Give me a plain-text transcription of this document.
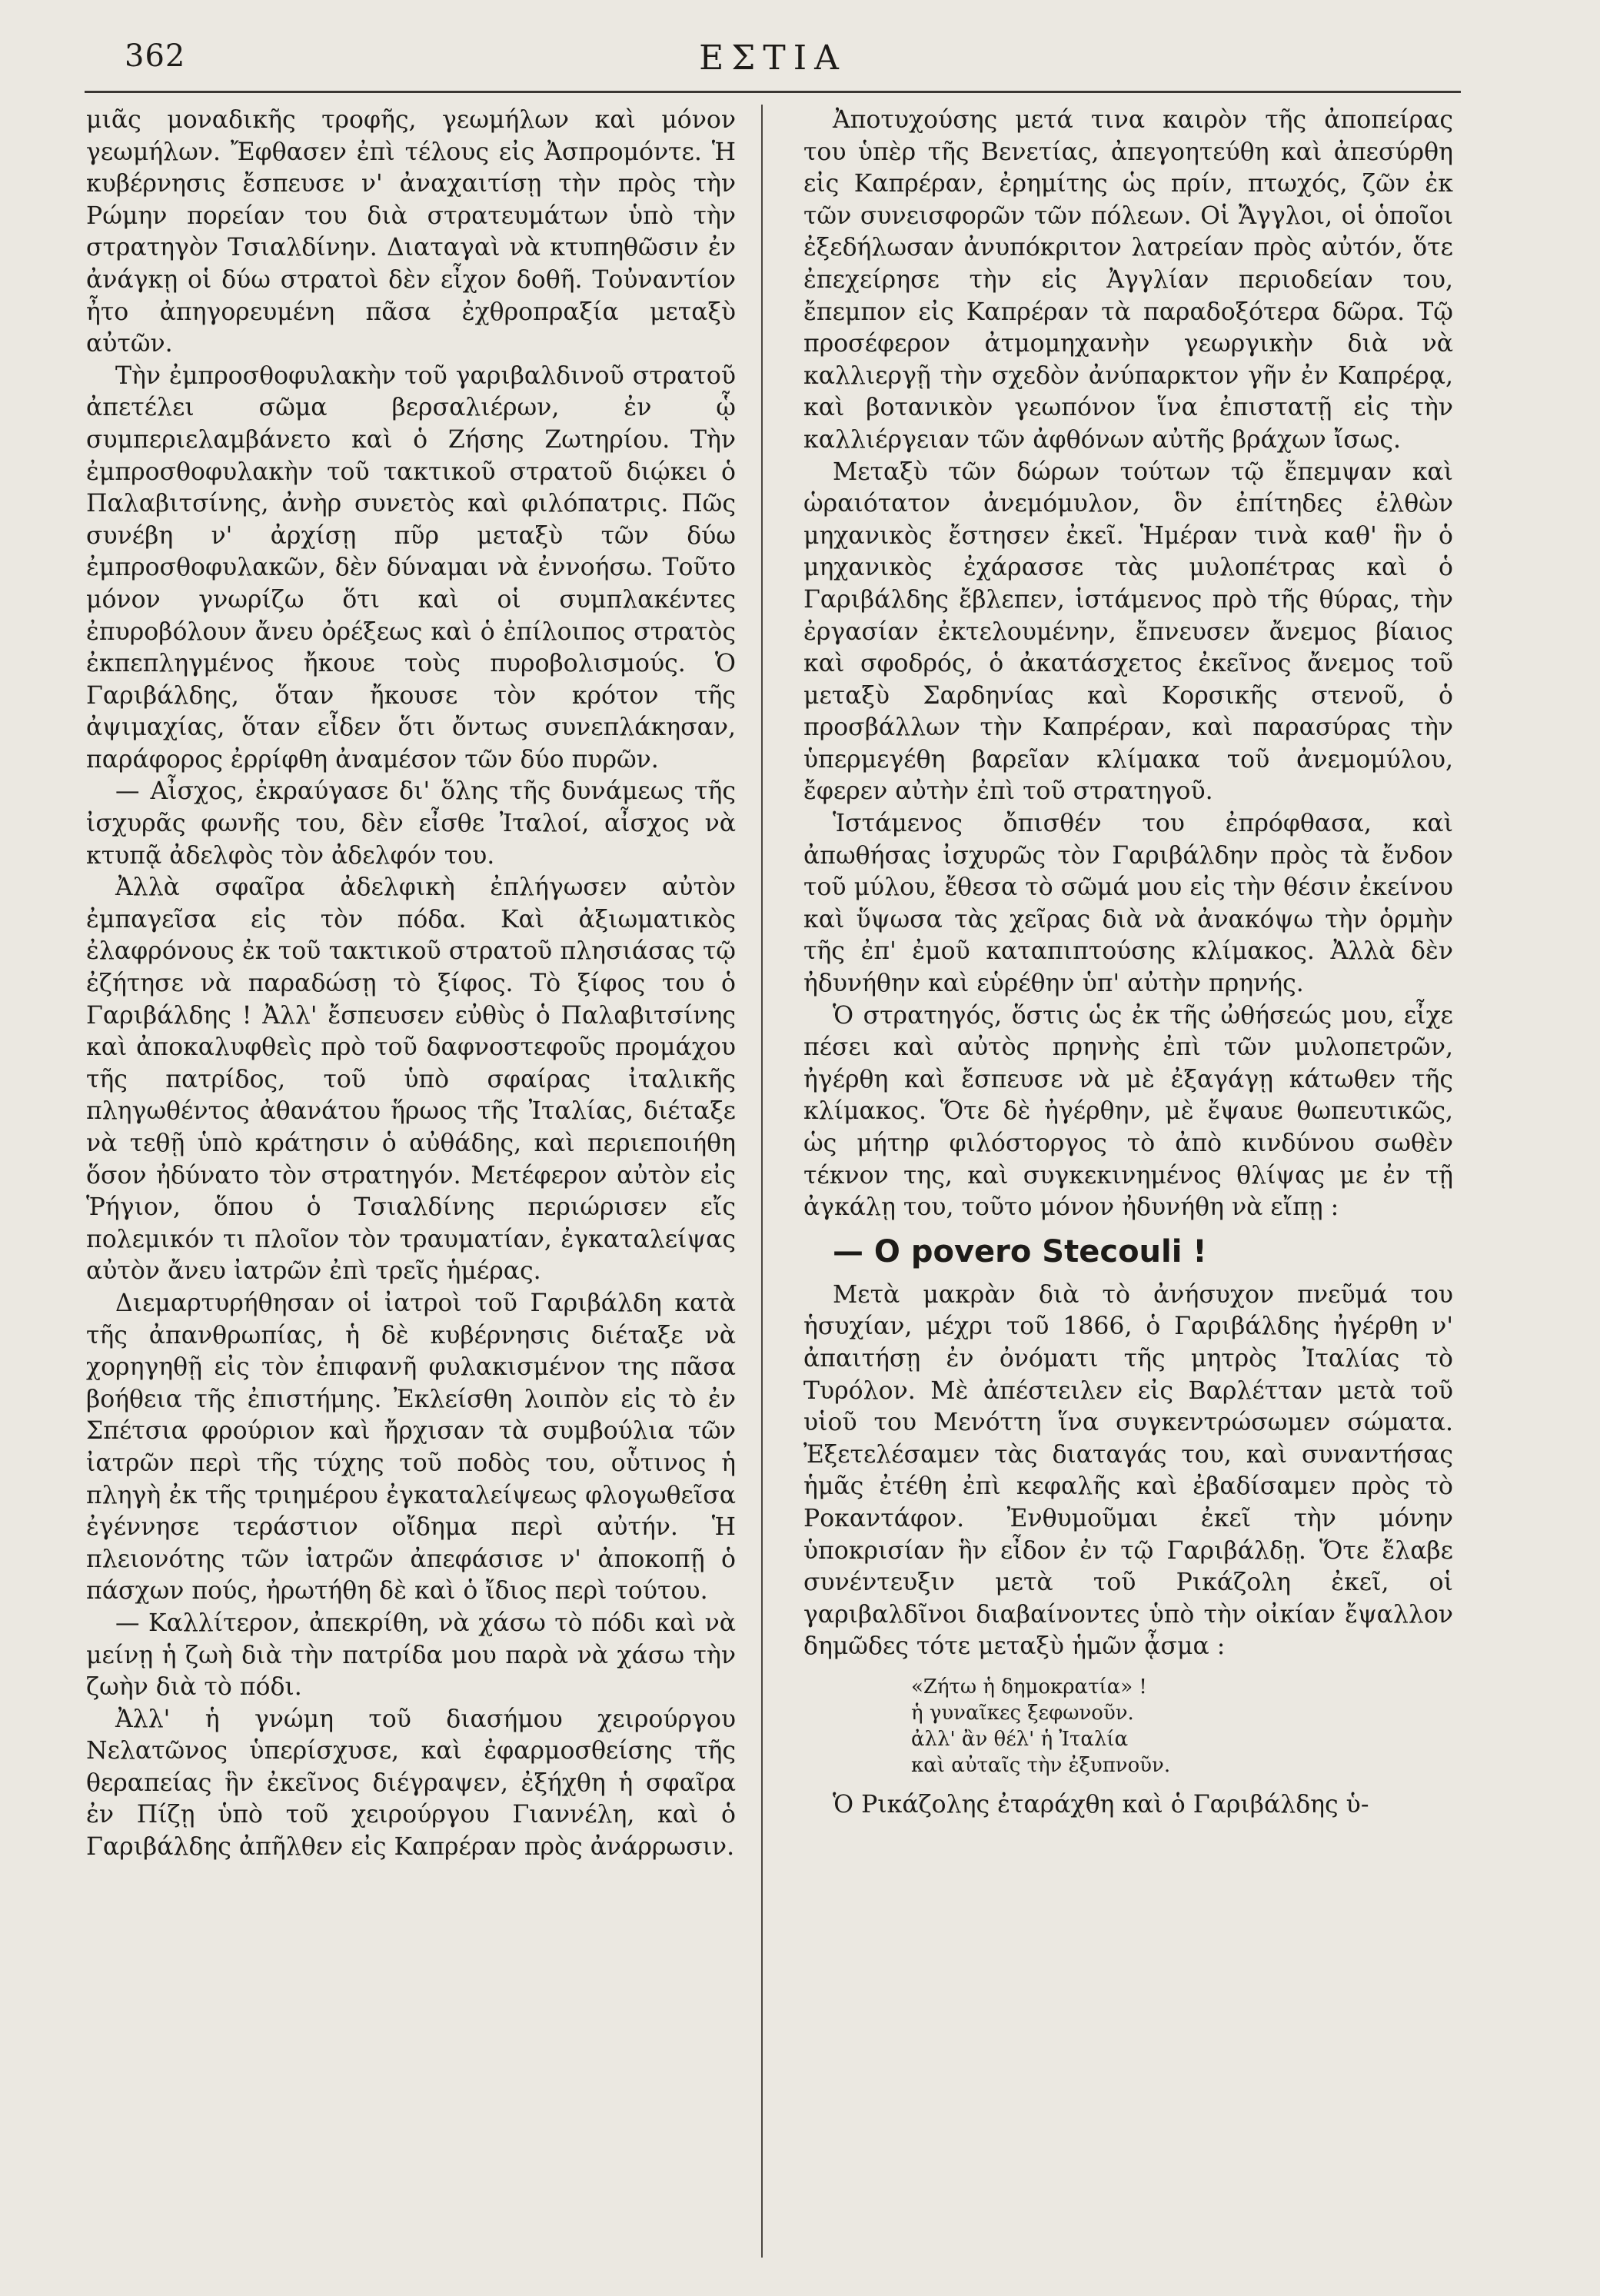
362	ΕΣΤΙΑ

μιᾶς μοναδικῆς τροφῆς, γεωμήλων καὶ μόνον γεωμήλων. Ἔφθασεν ἐπὶ τέλους εἰς Ἀσπρομόντε. Ἡ κυβέρνησις ἔσπευσε ν' ἀναχαιτίσῃ τὴν πρὸς τὴν Ρώμην πορείαν του διὰ στρατευμάτων ὑπὸ τὴν στρατηγὸν Τσιαλδίνην. Διαταγαὶ νὰ κτυπηθῶσιν ἐν ἀνάγκῃ οἱ δύω στρατοὶ δὲν εἶχον δοθῆ. Τοὐναντίον ἦτο ἀπηγορευμένη πᾶσα ἐχθροπραξία μεταξὺ αὐτῶν.

Τὴν ἐμπροσθοφυλακὴν τοῦ γαριβαλδινοῦ στρατοῦ ἀπετέλει σῶμα βερσαλιέρων, ἐν ᾧ συμπεριελαμβάνετο καὶ ὁ Ζήσης Ζωτηρίου. Τὴν ἐμπροσθοφυλακὴν τοῦ τακτικοῦ στρατοῦ διῴκει ὁ Παλαβιτσίνης, ἀνὴρ συνετὸς καὶ φιλόπατρις. Πῶς συνέβη ν' ἀρχίσῃ πῦρ μεταξὺ τῶν δύω ἐμπροσθοφυλακῶν, δὲν δύναμαι νὰ ἐννοήσω. Τοῦτο μόνον γνωρίζω ὅτι καὶ οἱ συμπλακέντες ἐπυροβόλουν ἄνευ ὀρέξεως καὶ ὁ ἐπίλοιπος στρατὸς ἐκπεπληγμένος ἤκουε τοὺς πυροβολισμούς. Ὁ Γαριβάλδης, ὅταν ἤκουσε τὸν κρότον τῆς ἀψιμαχίας, ὅταν εἶδεν ὅτι ὄντως συνεπλάκησαν, παράφορος ἐρρίφθη ἀναμέσον τῶν δύο πυρῶν.

— Αἶσχος, ἐκραύγασε δι' ὅλης τῆς δυνάμεως τῆς ἰσχυρᾶς φωνῆς του, δὲν εἶσθε Ἰταλοί, αἶσχος νὰ κτυπᾷ ἀδελφὸς τὸν ἀδελφόν του.

Ἀλλὰ σφαῖρα ἀδελφικὴ ἐπλήγωσεν αὐτὸν ἐμπαγεῖσα εἰς τὸν πόδα. Καὶ ἀξιωματικὸς ἐλαφρόνους ἐκ τοῦ τακτικοῦ στρατοῦ πλησιάσας τῷ ἐζήτησε νὰ παραδώσῃ τὸ ξίφος. Τὸ ξίφος του ὁ Γαριβάλδης ! Ἀλλ' ἔσπευσεν εὐθὺς ὁ Παλαβιτσίνης καὶ ἀποκαλυφθεὶς πρὸ τοῦ δαφνοστεφοῦς προμάχου τῆς πατρίδος, τοῦ ὑπὸ σφαίρας ἰταλικῆς πληγωθέντος ἀθανάτου ἥρωος τῆς Ἰταλίας, διέταξε νὰ τεθῇ ὑπὸ κράτησιν ὁ αὐθάδης, καὶ περιεποιήθη ὅσον ἠδύνατο τὸν στρατηγόν. Μετέφερον αὐτὸν εἰς Ῥήγιον, ὅπου ὁ Τσιαλδίνης περιώρισεν εἴς πολεμικόν τι πλοῖον τὸν τραυματίαν, ἐγκαταλείψας αὐτὸν ἄνευ ἰατρῶν ἐπὶ τρεῖς ἡμέρας.

Διεμαρτυρήθησαν οἱ ἰατροὶ τοῦ Γαριβάλδη κατὰ τῆς ἀπανθρωπίας, ἡ δὲ κυβέρνησις διέταξε νὰ χορηγηθῇ εἰς τὸν ἐπιφανῆ φυλακισμένον της πᾶσα βοήθεια τῆς ἐπιστήμης. Ἐκλείσθη λοιπὸν εἰς τὸ ἐν Σπέτσια φρούριον καὶ ἤρχισαν τὰ συμβούλια τῶν ἰατρῶν περὶ τῆς τύχης τοῦ ποδὸς του, οὗτινος ἡ πληγὴ ἐκ τῆς τριημέρου ἐγκαταλείψεως φλογωθεῖσα ἐγέννησε τεράστιον οἴδημα περὶ αὐτήν. Ἡ πλειονότης τῶν ἰατρῶν ἀπεφάσισε ν' ἀποκοπῇ ὁ πάσχων πούς, ἠρωτήθη δὲ καὶ ὁ ἴδιος περὶ τούτου.

— Καλλίτερον, ἀπεκρίθη, νὰ χάσω τὸ πόδι καὶ νὰ μείνῃ ἡ ζωὴ διὰ τὴν πατρίδα μου παρὰ νὰ χάσω τὴν ζωὴν διὰ τὸ πόδι.

Ἀλλ' ἡ γνώμη τοῦ διασήμου χειρούργου Νελατῶνος ὑπερίσχυσε, καὶ ἐφαρμοσθείσης τῆς θεραπείας ἣν ἐκεῖνος διέγραψεν, ἐξήχθη ἡ σφαῖρα ἐν Πίζῃ ὑπὸ τοῦ χειρούργου Γιαννέλη, καὶ ὁ Γαριβάλδης ἀπῆλθεν εἰς Καπρέραν πρὸς ἀνάρρωσιν.

Ἀποτυχούσης μετά τινα καιρὸν τῆς ἀποπείρας του ὑπὲρ τῆς Βενετίας, ἀπεγοητεύθη καὶ ἀπεσύρθη εἰς Καπρέραν, ἐρημίτης ὡς πρίν, πτωχός, ζῶν ἐκ τῶν συνεισφορῶν τῶν πόλεων. Οἱ Ἄγγλοι, οἱ ὁποῖοι ἐξεδήλωσαν ἀνυπόκριτον λατρείαν πρὸς αὐτόν, ὅτε ἐπεχείρησε τὴν εἰς Ἀγγλίαν περιοδείαν του, ἔπεμπον εἰς Καπρέραν τὰ παραδοξότερα δῶρα. Τῷ προσέφερον ἀτμομηχανὴν γεωργικὴν διὰ νὰ καλλιεργῇ τὴν σχεδὸν ἀνύπαρκτον γῆν ἐν Καπρέρᾳ, καὶ βοτανικὸν γεωπόνον ἵνα ἐπιστατῇ εἰς τὴν καλλιέργειαν τῶν ἀφθόνων αὐτῆς βράχων ἴσως.

Μεταξὺ τῶν δώρων τούτων τῷ ἔπεμψαν καὶ ὡραιότατον ἀνεμόμυλον, ὃν ἐπίτηδες ἐλθὼν μηχανικὸς ἔστησεν ἐκεῖ. Ἡμέραν τινὰ καθ' ἣν ὁ μηχανικὸς ἐχάρασσε τὰς μυλοπέτρας καὶ ὁ Γαριβάλδης ἔβλεπεν, ἱστάμενος πρὸ τῆς θύρας, τὴν ἐργασίαν ἐκτελουμένην, ἔπνευσεν ἄνεμος βίαιος καὶ σφοδρός, ὁ ἀκατάσχετος ἐκεῖνος ἄνεμος τοῦ μεταξὺ Σαρδηνίας καὶ Κορσικῆς στενοῦ, ὁ προσβάλλων τὴν Καπρέραν, καὶ παρασύρας τὴν ὑπερμεγέθη βαρεῖαν κλίμακα τοῦ ἀνεμομύλου, ἔφερεν αὐτὴν ἐπὶ τοῦ στρατηγοῦ.

Ἱστάμενος ὄπισθέν του ἐπρόφθασα, καὶ ἀπωθήσας ἰσχυρῶς τὸν Γαριβάλδην πρὸς τὰ ἔνδον τοῦ μύλου, ἔθεσα τὸ σῶμά μου εἰς τὴν θέσιν ἐκείνου καὶ ὕψωσα τὰς χεῖρας διὰ νὰ ἀνακόψω τὴν ὁρμὴν τῆς ἐπ' ἐμοῦ καταπιπτούσης κλίμακος. Ἀλλὰ δὲν ἠδυνήθην καὶ εὑρέθην ὑπ' αὐτὴν πρηνής.

Ὁ στρατηγός, ὅστις ὡς ἐκ τῆς ὠθήσεώς μου, εἶχε πέσει καὶ αὐτὸς πρηνὴς ἐπὶ τῶν μυλοπετρῶν, ἠγέρθη καὶ ἔσπευσε νὰ μὲ ἐξαγάγῃ κάτωθεν τῆς κλίμακος. Ὅτε δὲ ἠγέρθην, μὲ ἔψαυε θωπευτικῶς, ὡς μήτηρ φιλόστοργος τὸ ἀπὸ κινδύνου σωθὲν τέκνον της, καὶ συγκεκινημένος θλίψας με ἐν τῇ ἀγκάλῃ του, τοῦτο μόνον ἠδυνήθη νὰ εἴπῃ :

— O povero Stecouli !

Μετὰ μακρὰν διὰ τὸ ἀνήσυχον πνεῦμά του ἡσυχίαν, μέχρι τοῦ 1866, ὁ Γαριβάλδης ἠγέρθη ν' ἀπαιτήσῃ ἐν ὀνόματι τῆς μητρὸς Ἰταλίας τὸ Τυρόλον. Μὲ ἀπέστειλεν εἰς Βαρλέτταν μετὰ τοῦ υἱοῦ του Μενόττη ἵνα συγκεντρώσωμεν σώματα. Ἐξετελέσαμεν τὰς διαταγάς του, καὶ συναντήσας ἡμᾶς ἐτέθη ἐπὶ κεφαλῆς καὶ ἐβαδίσαμεν πρὸς τὸ Ροκαντάφον. Ἐνθυμοῦμαι ἐκεῖ τὴν μόνην ὑποκρισίαν ἣν εἶδον ἐν τῷ Γαριβάλδῃ. Ὅτε ἔλαβε συνέντευξιν μετὰ τοῦ Ρικάζολη ἐκεῖ, οἱ γαριβαλδῖνοι διαβαίνοντες ὑπὸ τὴν οἰκίαν ἔψαλλον δημῶδες τότε μεταξὺ ἡμῶν ᾆσμα :

«Ζήτω ἡ δημοκρατία» !
ἡ γυναῖκες ξεφωνοῦν.
ἀλλ' ἂν θέλ' ἡ Ἰταλία
καὶ αὐταῖς τὴν ἐξυπνοῦν.

Ὁ Ρικάζολης ἐταράχθη καὶ ὁ Γαριβάλδης ὑ-
